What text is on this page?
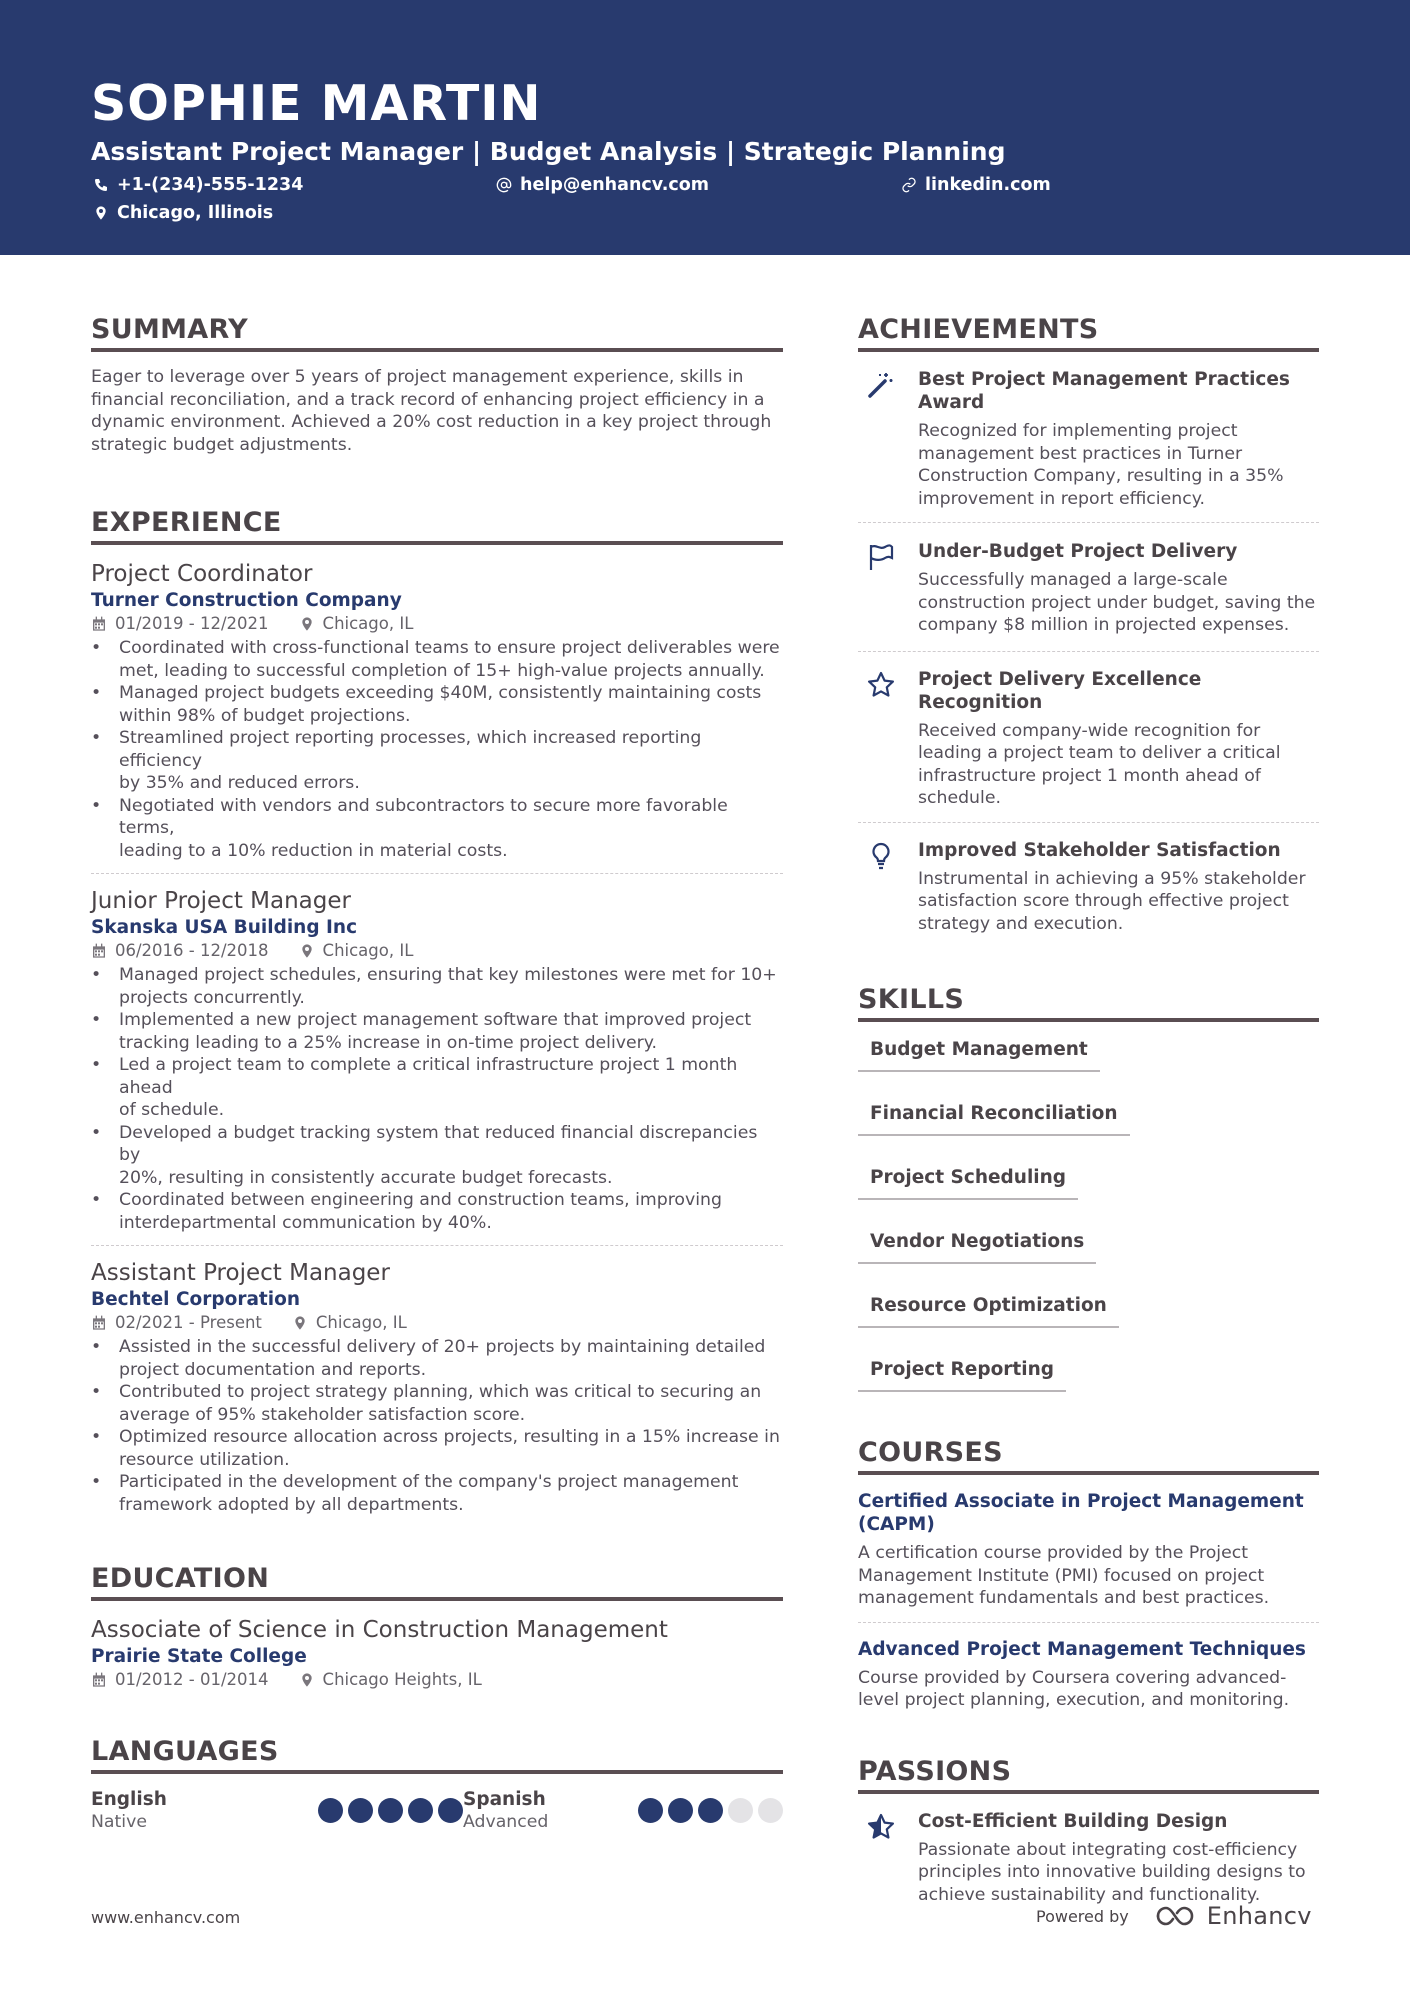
SOPHIE MARTIN
Assistant Project Manager | Budget Analysis | Strategic Planning
+1-(234)-555-1234	help@enhancv.com	linkedin.com
Chicago, Illinois
SUMMARY
Eager to leverage over 5 years of project management experience, skills in
financial reconciliation, and a track record of enhancing project efficiency in a
dynamic environment. Achieved a 20% cost reduction in a key project through
strategic budget adjustments.
EXPERIENCE
Project Coordinator
Turner Construction Company
01/2019 - 12/2021	Chicago, IL
• Coordinated with cross-functional teams to ensure project deliverables were
met, leading to successful completion of 15+ high-value projects annually.
• Managed project budgets exceeding $40M, consistently maintaining costs
within 98% of budget projections.
• Streamlined project reporting processes, which increased reporting efficiency
by 35% and reduced errors.
• Negotiated with vendors and subcontractors to secure more favorable terms,
leading to a 10% reduction in material costs.
Junior Project Manager
Skanska USA Building Inc
06/2016 - 12/2018	Chicago, IL
• Managed project schedules, ensuring that key milestones were met for 10+
projects concurrently.
• Implemented a new project management software that improved project
tracking leading to a 25% increase in on-time project delivery.
• Led a project team to complete a critical infrastructure project 1 month ahead
of schedule.
• Developed a budget tracking system that reduced financial discrepancies by
20%, resulting in consistently accurate budget forecasts.
• Coordinated between engineering and construction teams, improving
interdepartmental communication by 40%.
Assistant Project Manager
Bechtel Corporation
02/2021 - Present	Chicago, IL
• Assisted in the successful delivery of 20+ projects by maintaining detailed
project documentation and reports.
• Contributed to project strategy planning, which was critical to securing an
average of 95% stakeholder satisfaction score.
• Optimized resource allocation across projects, resulting in a 15% increase in
resource utilization.
• Participated in the development of the company's project management
framework adopted by all departments.
EDUCATION
Associate of Science in Construction Management
Prairie State College
01/2012 - 01/2014	Chicago Heights, IL
LANGUAGES
English
Native
Spanish
Advanced
ACHIEVEMENTS
Best Project Management Practices
Award
Recognized for implementing project
management best practices in Turner
Construction Company, resulting in a 35%
improvement in report efficiency.
Under-Budget Project Delivery
Successfully managed a large-scale
construction project under budget, saving the
company $8 million in projected expenses.
Project Delivery Excellence Recognition
Received company-wide recognition for
leading a project team to deliver a critical
infrastructure project 1 month ahead of
schedule.
Improved Stakeholder Satisfaction
Instrumental in achieving a 95% stakeholder
satisfaction score through effective project
strategy and execution.
SKILLS
Budget Management
Financial Reconciliation
Project Scheduling
Vendor Negotiations
Resource Optimization
Project Reporting
COURSES
Certified Associate in Project Management
(CAPM)
A certification course provided by the Project
Management Institute (PMI) focused on project
management fundamentals and best practices.
Advanced Project Management Techniques
Course provided by Coursera covering advanced-
level project planning, execution, and monitoring.
PASSIONS
Cost-Efficient Building Design
Passionate about integrating cost-efficiency
principles into innovative building designs to
achieve sustainability and functionality.
www.enhancv.com	Powered by	Enhancv
